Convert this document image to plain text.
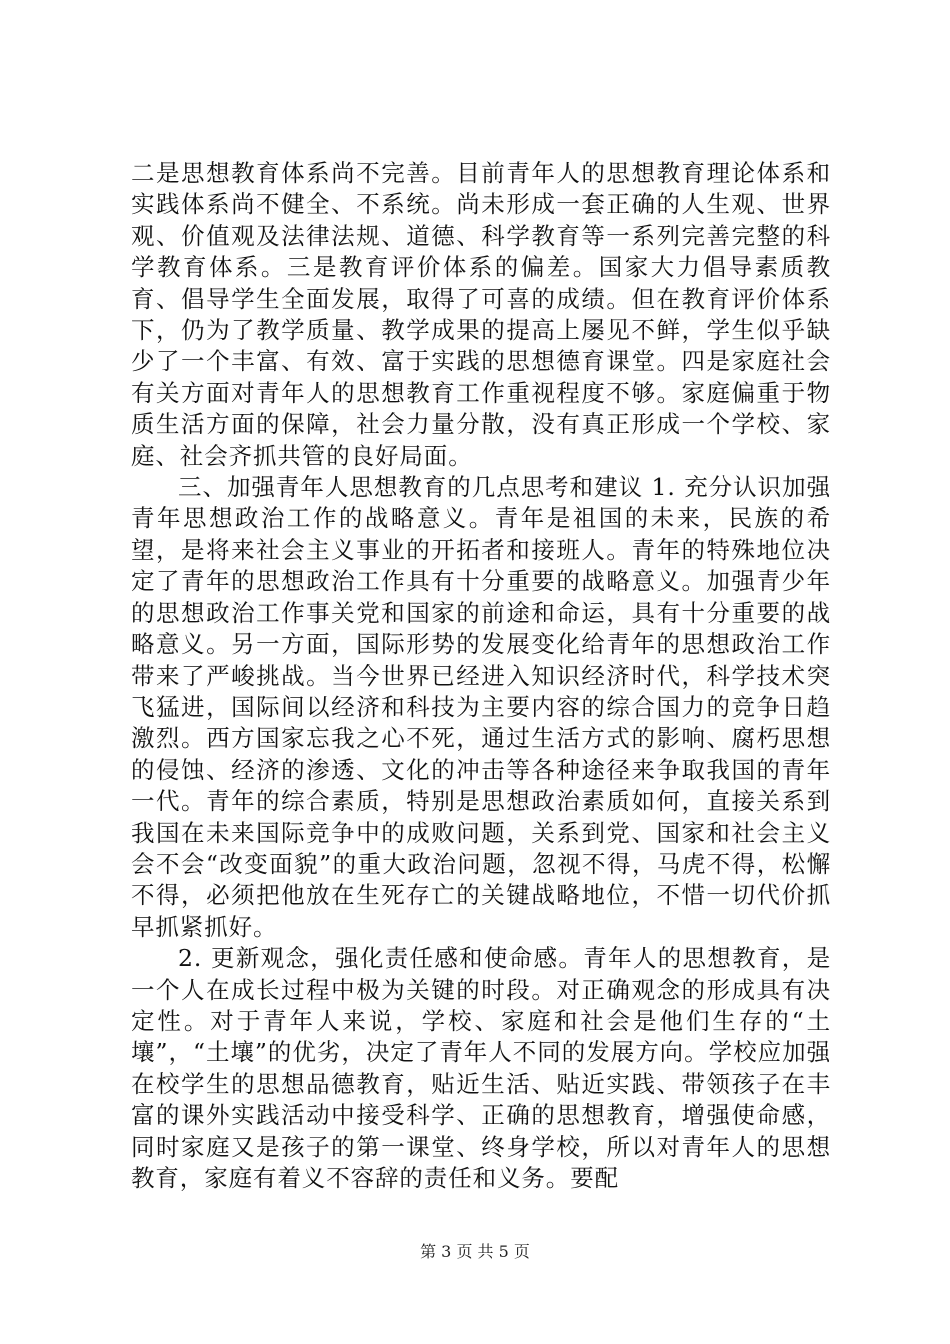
二是思想教育体系尚不完善。目前青年人的思想教育理论体系和实践体系尚不健全、不系统。尚未形成一套正确的人生观、世界观、价值观及法律法规、道德、科学教育等一系列完善完整的科学教育体系。三是教育评价体系的偏差。国家大力倡导素质教育、倡导学生全面发展，取得了可喜的成绩。但在教育评价体系下，仍为了教学质量、教学成果的提高上屡见不鲜，学生似乎缺少了一个丰富、有效、富于实践的思想德育课堂。四是家庭社会有关方面对青年人的思想教育工作重视程度不够。家庭偏重于物质生活方面的保障，社会力量分散，没有真正形成一个学校、家庭、社会齐抓共管的良好局面。

三、加强青年人思想教育的几点思考和建议 1. 充分认识加强青年思想政治工作的战略意义。青年是祖国的未来，民族的希望，是将来社会主义事业的开拓者和接班人。青年的特殊地位决定了青年的思想政治工作具有十分重要的战略意义。加强青少年的思想政治工作事关党和国家的前途和命运，具有十分重要的战略意义。另一方面，国际形势的发展变化给青年的思想政治工作带来了严峻挑战。当今世界已经进入知识经济时代，科学技术突飞猛进，国际间以经济和科技为主要内容的综合国力的竞争日趋激烈。西方国家忘我之心不死，通过生活方式的影响、腐朽思想的侵蚀、经济的渗透、文化的冲击等各种途径来争取我国的青年一代。青年的综合素质，特别是思想政治素质如何，直接关系到我国在未来国际竞争中的成败问题，关系到党、国家和社会主义会不会“改变面貌”的重大政治问题，忽视不得，马虎不得，松懈不得，必须把他放在生死存亡的关键战略地位，不惜一切代价抓早抓紧抓好。

2. 更新观念，强化责任感和使命感。青年人的思想教育，是一个人在成长过程中极为关键的时段。对正确观念的形成具有决定性。对于青年人来说，学校、家庭和社会是他们生存的“土壤”，“土壤”的优劣，决定了青年人不同的发展方向。学校应加强在校学生的思想品德教育，贴近生活、贴近实践、带领孩子在丰富的课外实践活动中接受科学、正确的思想教育，增强使命感，同时家庭又是孩子的第一课堂、终身学校，所以对青年人的思想教育，家庭有着义不容辞的责任和义务。要配

第 3 页 共 5 页
